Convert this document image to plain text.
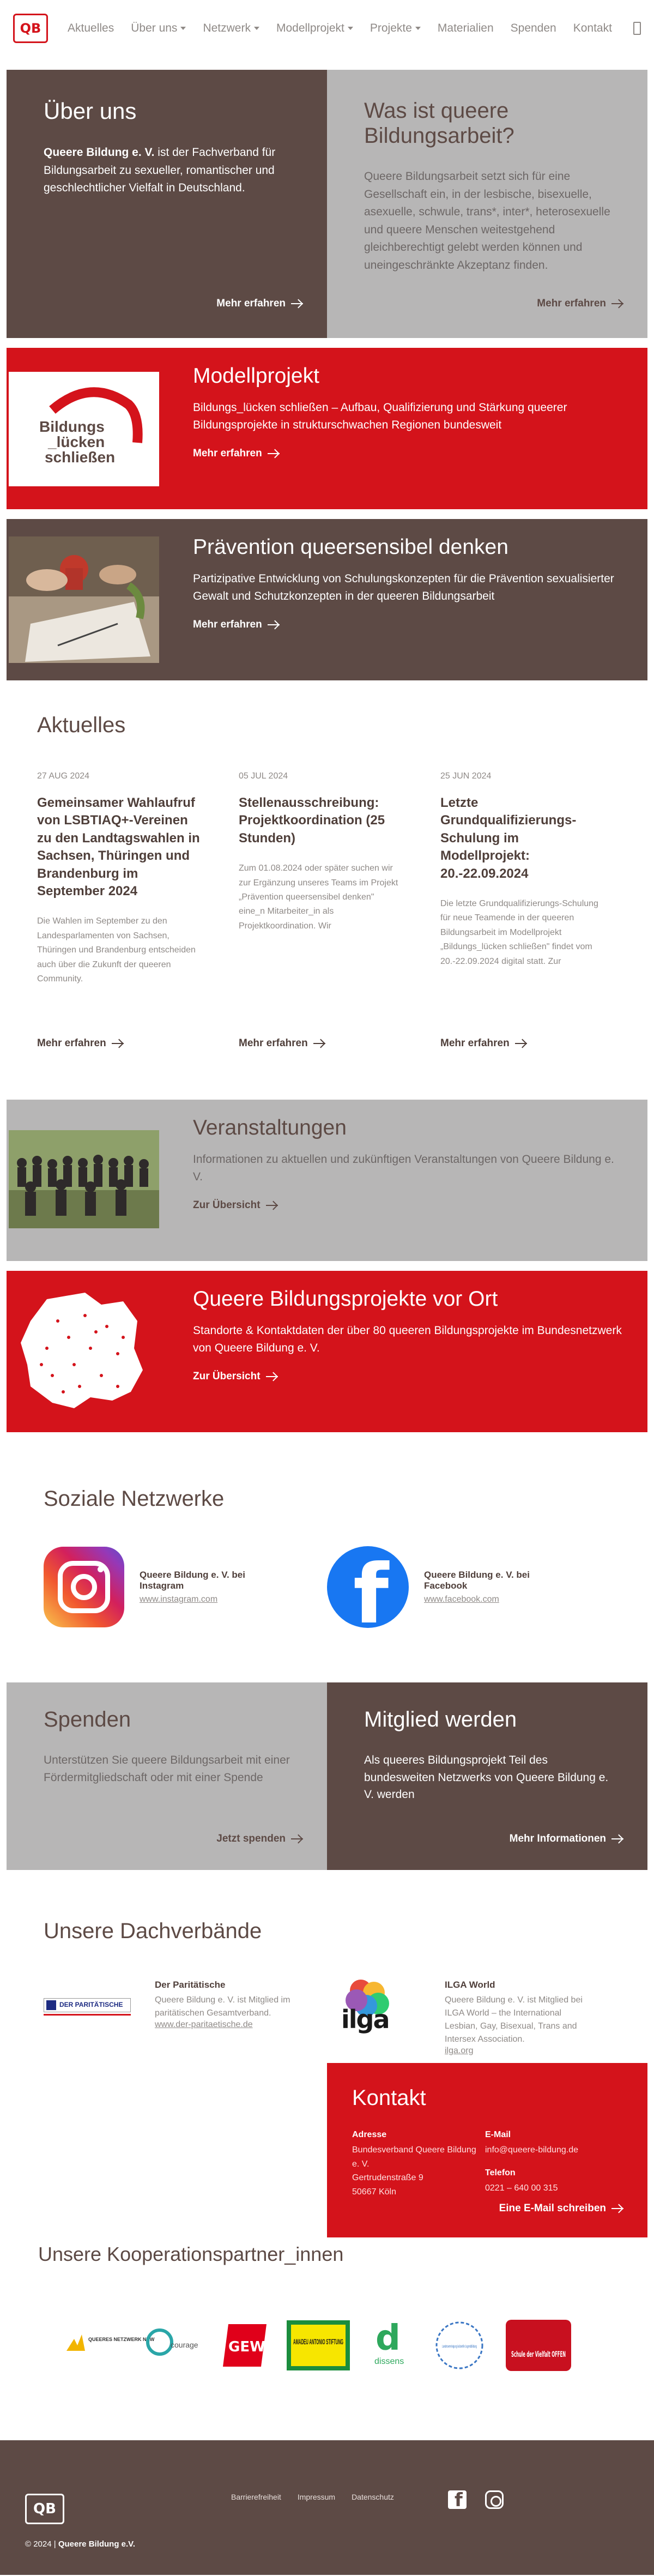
QB	Aktuelles Über uns Netzwerk Modellprojekt Projekte Materialien Spenden Kontakt
Über uns

Queere Bildung e. V. ist der Fachverband für Bildungsarbeit zu sexueller, romantischer und geschlechtlicher Vielfalt in Deutschland.

Mehr erfahren
Was ist queere Bildungsarbeit?

Queere Bildungsarbeit setzt sich für eine Gesellschaft ein, in der lesbische, bisexuelle, asexuelle, schwule, trans*, inter*, heterosexuelle und queere Menschen weitestgehend gleichberechtigt gelebt werden können und uneingeschränkte Akzeptanz finden.

Mehr erfahren
Bildungs
_lücken
schließen
Modellprojekt

Bildungs_lücken schließen – Aufbau, Qualifizierung und Stärkung queerer Bildungsprojekte in strukturschwachen Regionen bundesweit

Mehr erfahren
Prävention queersensibel denken

Partizipative Entwicklung von Schulungskonzepten für die Prävention sexualisierter Gewalt und Schutzkonzepten in der queeren Bildungsarbeit

Mehr erfahren
Aktuelles
27 AUG 2024
Gemeinsamer Wahlaufruf von LSBTIAQ+-Vereinen zu den Landtagswahlen in Sachsen, Thüringen und Brandenburg im September 2024

Die Wahlen im September zu den Landesparlamenten von Sachsen, Thüringen und Brandenburg entscheiden auch über die Zukunft der queeren Community.

Mehr erfahren
05 JUL 2024
Stellenausschreibung: Projektkoordination (25 Stunden)

Zum 01.08.2024 oder später suchen wir zur Ergänzung unseres Teams im Projekt „Prävention queersensibel denken" eine_n Mitarbeiter_in als Projektkoordination. Wir

Mehr erfahren
25 JUN 2024
Letzte Grundqualifizierungs-Schulung im Modellprojekt: 20.-22.09.2024

Die letzte Grundqualifizierungs-Schulung für neue Teamende in der queeren Bildungsarbeit im Modellprojekt „Bildungs_lücken schließen" findet vom 20.-22.09.2024 digital statt. Zur

Mehr erfahren
Veranstaltungen

Informationen zu aktuellen und zukünftigen Veranstaltungen von Queere Bildung e. V.

Zur Übersicht
Queere Bildungsprojekte vor Ort

Standorte & Kontaktdaten der über 80 queeren Bildungsprojekte im Bundesnetzwerk von Queere Bildung e. V.

Zur Übersicht
Soziale Netzwerke
Queere Bildung e. V. bei Instagram
www.instagram.com	f	Queere Bildung e. V. bei Facebook
www.facebook.com
Spenden

Unterstützen Sie queere Bildungsarbeit mit einer Fördermitgliedschaft oder mit einer Spende

Jetzt spenden
Mitglied werden

Als queeres Bildungsprojekt Teil des bundesweiten Netzwerks von Queere Bildung e. V. werden

Mehr Informationen
Unsere Dachverbände
DER PARITÄTISCHE
Der Paritätische
Queere Bildung e. V. ist Mitglied im paritätischen Gesamtverband.
www.der-paritaetische.de	ilga
ILGA World
Queere Bildung e. V. ist Mitglied bei ILGA World – the International Lesbian, Gay, Bisexual, Trans and Intersex Association.
ilga.org
Kontakt
Adresse
Bundesverband Queere Bildung e. V.
Gertrudenstraße 9
50667 Köln
E-Mail
info@queere-bildung.de
Telefon
0221 – 640 00 315
Eine E-Mail schreiben
Unsere Kooperationspartner_innen
QUEERES NETZWERK NRW
courage GEW	AMADEU ANTONIO STIFTUNG d
dissens
Landesvereinigung kulturelle Jugendbildung
Schule der Vielfalt OFFEN
QB
Barrierefreiheit Impressum Datenschutz
f
© 2024 | Queere Bildung e.V.
